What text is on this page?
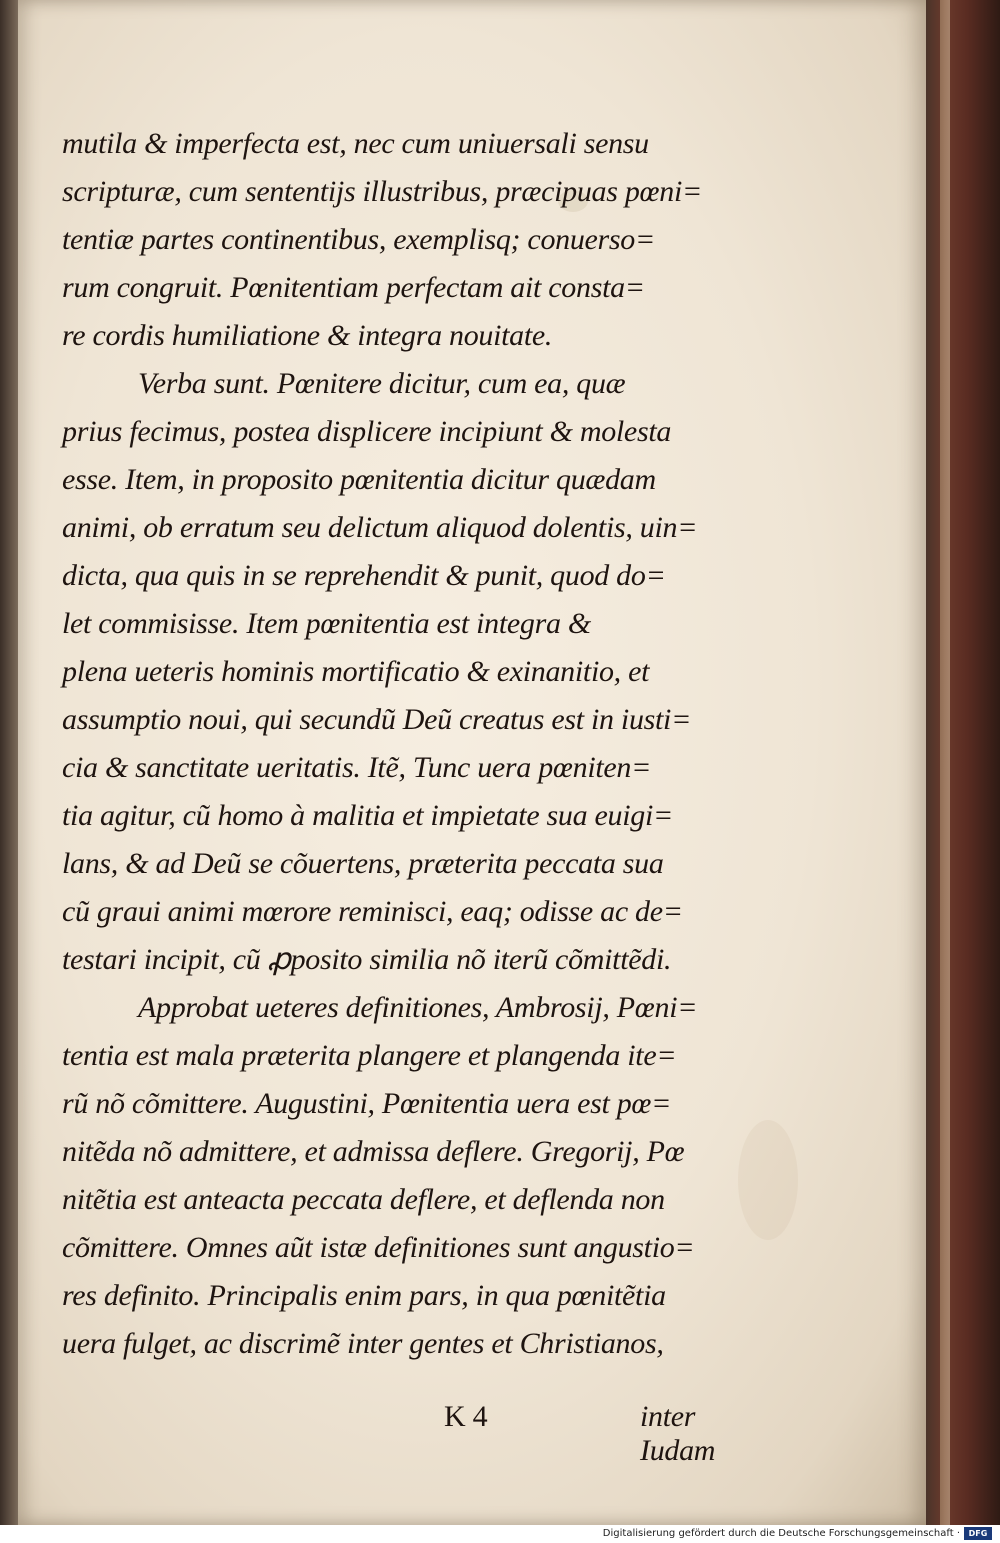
mutila & imperfecta est, nec cum uniuersali sensu
scripturæ, cum sententijs illustribus, præcipuas pœni=
tentiæ partes continentibus, exemplisq; conuerso=
rum congruit. Pœnitentiam perfectam ait consta=
re cordis humiliatione & integra nouitate.
Verba sunt. Pœnitere dicitur, cum ea, quæ
prius fecimus, postea displicere incipiunt & molesta
esse. Item, in proposito pœnitentia dicitur quædam
animi, ob erratum seu delictum aliquod dolentis, uin=
dicta, qua quis in se reprehendit & punit, quod do=
let commisisse. Item pœnitentia est integra &
plena ueteris hominis mortificatio & exinanitio, et
assumptio noui, qui secundũ Deũ creatus est in iusti=
cia & sanctitate ueritatis. Itẽ, Tunc uera pœniten=
tia agitur, cũ homo à malitia et impietate sua euigi=
lans, & ad Deũ se cõuertens, præterita peccata sua
cũ graui animi mœrore reminisci, eaq; odisse ac de=
testari incipit, cũ ꝓposito similia nõ iterũ cõmittẽdi.
Approbat ueteres definitiones, Ambrosij, Pœni=
tentia est mala præterita plangere et plangenda ite=
rũ nõ cõmittere. Augustini, Pœnitentia uera est pœ=
nitẽda nõ admittere, et admissa deflere. Gregorij, Pœ
nitẽtia est anteacta peccata deflere, et deflenda non
cõmittere. Omnes aũt istæ definitiones sunt angustio=
res definito. Principalis enim pars, in qua pœnitẽtia
uera fulget, ac discrimẽ inter gentes et Christianos,
K 4	inter Iudam
Digitalisierung gefördert durch die Deutsche Forschungsgemeinschaft ·	DFG
